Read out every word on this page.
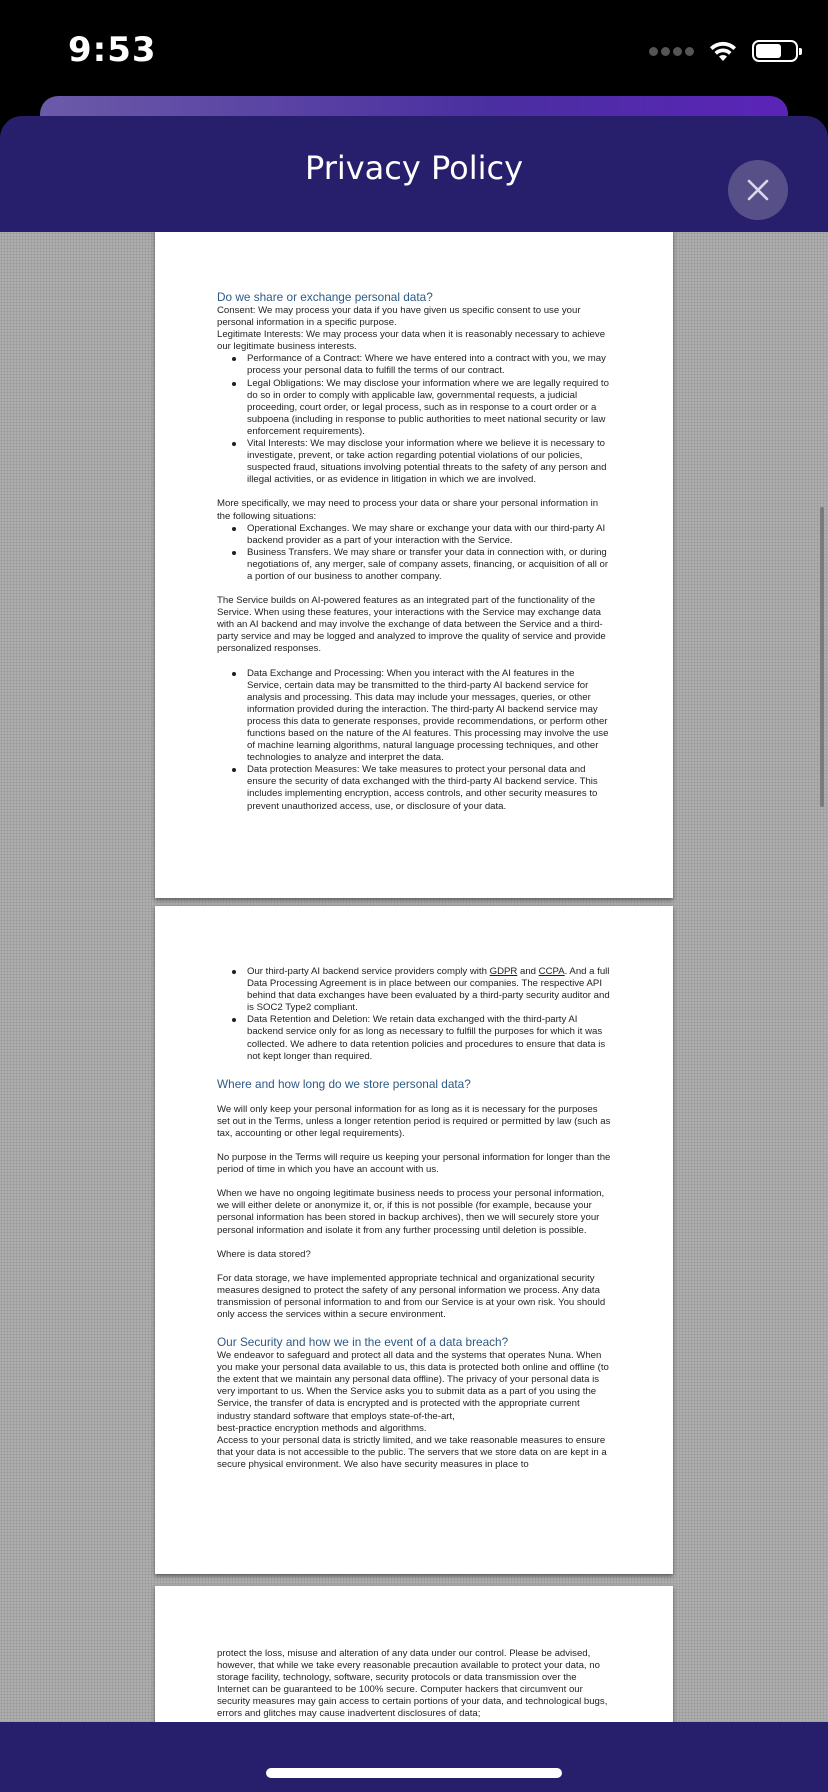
9:53
Privacy Policy
Do we share or exchange personal data?

Consent: We may process your data if you have given us specific consent to use your personal information in a specific purpose.

Legitimate Interests: We may process your data when it is reasonably necessary to achieve our legitimate business interests.

Performance of a Contract: Where we have entered into a contract with you, we may process your personal data to fulfill the terms of our contract.
Legal Obligations: We may disclose your information where we are legally required to do so in order to comply with applicable law, governmental requests, a judicial proceeding, court order, or legal process, such as in response to a court order or a subpoena (including in response to public authorities to meet national security or law enforcement requirements).
Vital Interests: We may disclose your information where we believe it is necessary to investigate, prevent, or take action regarding potential violations of our policies, suspected fraud, situations involving potential threats to the safety of any person and illegal activities, or as evidence in litigation in which we are involved.

More specifically, we may need to process your data or share your personal information in the following situations:

Operational Exchanges. We may share or exchange your data with our third-party AI backend provider as a part of your interaction with the Service.
Business Transfers. We may share or transfer your data in connection with, or during negotiations of, any merger, sale of company assets, financing, or acquisition of all or a portion of our business to another company.

The Service builds on AI-powered features as an integrated part of the functionality of the Service. When using these features, your interactions with the Service may exchange data with an AI backend and may involve the exchange of data between the Service and a third-party service and may be logged and analyzed to improve the quality of service and provide personalized responses.

Data Exchange and Processing: When you interact with the AI features in the Service, certain data may be transmitted to the third-party AI backend service for analysis and processing. This data may include your messages, queries, or other information provided during the interaction. The third-party AI backend service may process this data to generate responses, provide recommendations, or perform other functions based on the nature of the AI features. This processing may involve the use of machine learning algorithms, natural language processing techniques, and other technologies to analyze and interpret the data.
Data protection Measures: We take measures to protect your personal data and ensure the security of data exchanged with the third-party AI backend service. This includes implementing encryption, access controls, and other security measures to prevent unauthorized access, use, or disclosure of your data.
Our third-party AI backend service providers comply with GDPR and CCPA. And a full Data Processing Agreement is in place between our companies. The respective API behind that data exchanges have been evaluated by a third-party security auditor and is SOC2 Type2 compliant.
Data Retention and Deletion: We retain data exchanged with the third-party AI backend service only for as long as necessary to fulfill the purposes for which it was collected. We adhere to data retention policies and procedures to ensure that data is not kept longer than required.
Where and how long do we store personal data?

We will only keep your personal information for as long as it is necessary for the purposes set out in the Terms, unless a longer retention period is required or permitted by law (such as tax, accounting or other legal requirements).

No purpose in the Terms will require us keeping your personal information for longer than the period of time in which you have an account with us.

When we have no ongoing legitimate business needs to process your personal information, we will either delete or anonymize it, or, if this is not possible (for example, because your personal information has been stored in backup archives), then we will securely store your personal information and isolate it from any further processing until deletion is possible.

Where is data stored?

For data storage, we have implemented appropriate technical and organizational security measures designed to protect the safety of any personal information we process. Any data transmission of personal information to and from our Service is at your own risk. You should only access the services within a secure environment.

Our Security and how we in the event of a data breach?

We endeavor to safeguard and protect all data and the systems that operates Nuna. When you make your personal data available to us, this data is protected both online and offline (to the extent that we maintain any personal data offline). The privacy of your personal data is very important to us. When the Service asks you to submit data as a part of you using the Service, the transfer of data is encrypted and is protected with the appropriate current industry standard software that employs state-of-the-art,

best-practice encryption methods and algorithms.

Access to your personal data is strictly limited, and we take reasonable measures to ensure that your data is not accessible to the public. The servers that we store data on are kept in a secure physical environment. We also have security measures in place to

protect the loss, misuse and alteration of any data under our control. Please be advised, however, that while we take every reasonable precaution available to protect your data, no storage facility, technology, software, security protocols or data transmission over the Internet can be guaranteed to be 100% secure. Computer hackers that circumvent our security measures may gain access to certain portions of your data, and technological bugs, errors and glitches may cause inadvertent disclosures of data;
